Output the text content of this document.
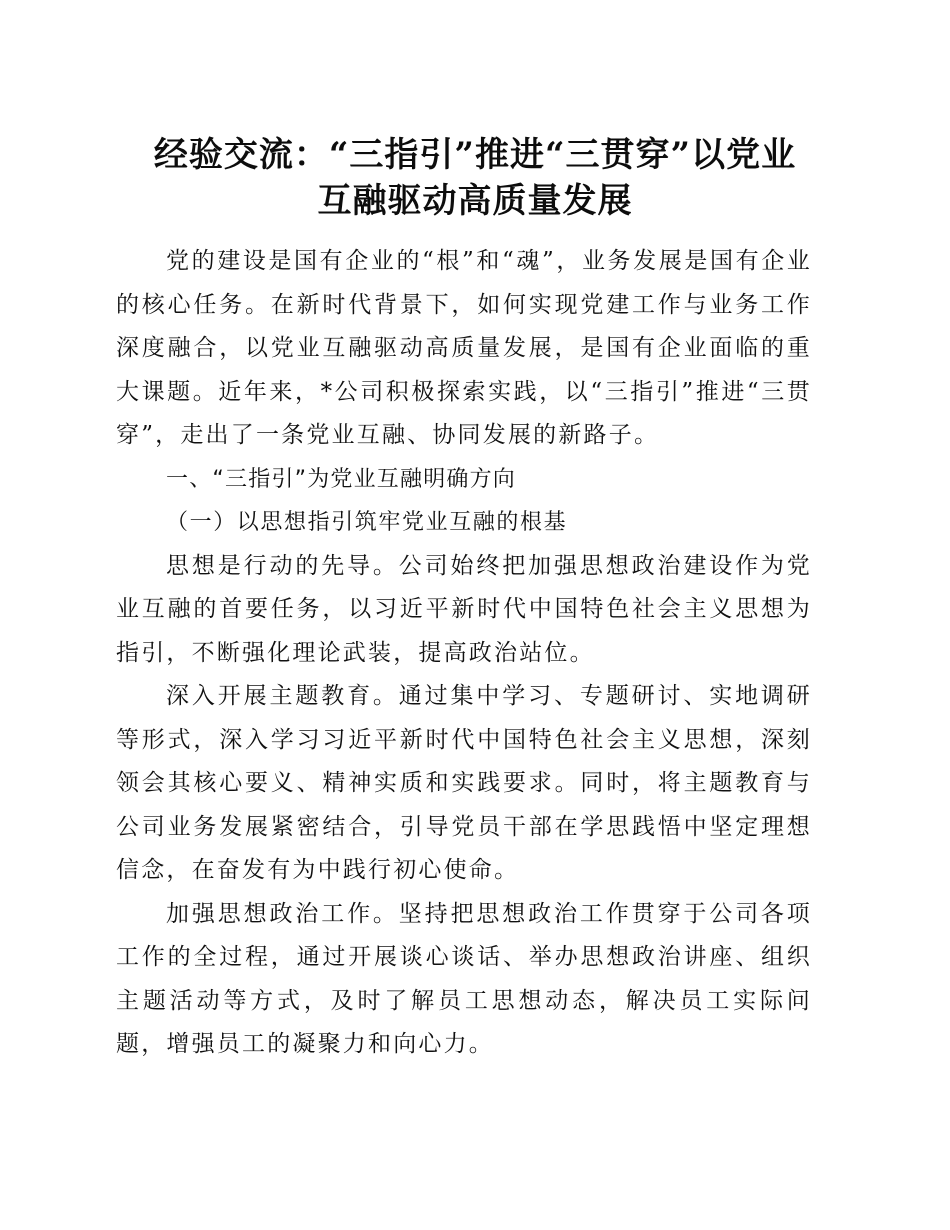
经验交流：“三指引”推进“三贯穿”以党业
互融驱动高质量发展

党的建设是国有企业的“根”和“魂”，业务发展是国有企业的核心任务。在新时代背景下，如何实现党建工作与业务工作深度融合，以党业互融驱动高质量发展，是国有企业面临的重大课题。近年来，*公司积极探索实践，以“三指引”推进“三贯穿”，走出了一条党业互融、协同发展的新路子。

一、“三指引”为党业互融明确方向

（一）以思想指引筑牢党业互融的根基

思想是行动的先导。公司始终把加强思想政治建设作为党业互融的首要任务，以习近平新时代中国特色社会主义思想为指引，不断强化理论武装，提高政治站位。

深入开展主题教育。通过集中学习、专题研讨、实地调研等形式，深入学习习近平新时代中国特色社会主义思想，深刻领会其核心要义、精神实质和实践要求。同时，将主题教育与公司业务发展紧密结合，引导党员干部在学思践悟中坚定理想信念，在奋发有为中践行初心使命。

加强思想政治工作。坚持把思想政治工作贯穿于公司各项工作的全过程，通过开展谈心谈话、举办思想政治讲座、组织主题活动等方式，及时了解员工思想动态，解决员工实际问题，增强员工的凝聚力和向心力。
